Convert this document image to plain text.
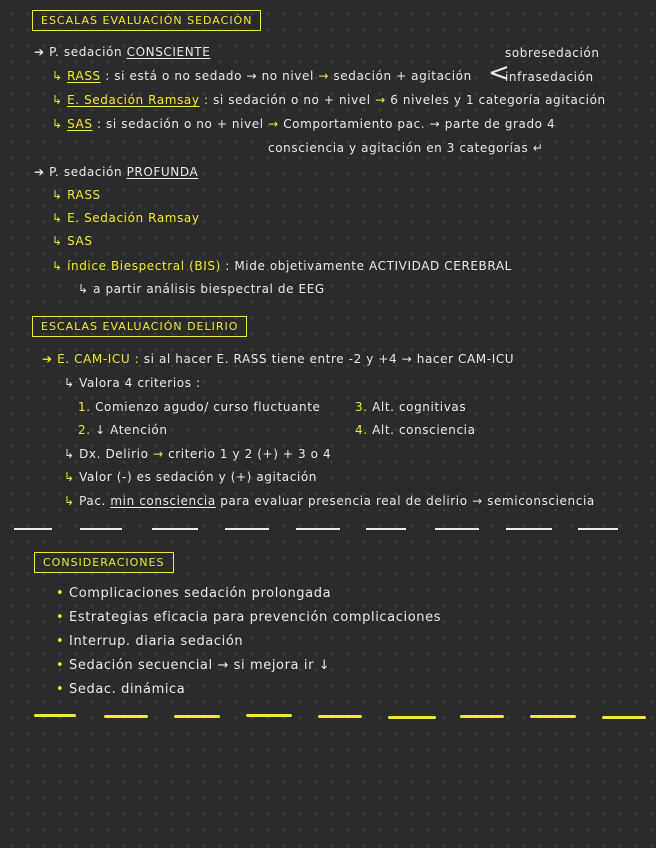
ESCALAS EVALUACIÓN SEDACIÓN
➔ P. sedación CONSCIENTE	sobresedación
↳ RASS : si está o no sedado → no nivel → sedación + agitación <
infrasedación
↳ E. Sedación Ramsay : si sedación o no + nivel → 6 niveles y 1 categoría agitación
↳ SAS : si sedación o no + nivel → Comportamiento pac. → parte de grado 4
consciencia y agitación en 3 categorías ↵
➔ P. sedación PROFUNDA
↳ RASS
↳ E. Sedación Ramsay
↳ SAS
↳ índice Biespectral (BIS) : Mide objetivamente ACTIVIDAD CEREBRAL
↳ a partir análisis biespectral de EEG
ESCALAS EVALUACIÓN DELIRIO
➔ E. CAM-ICU : si al hacer E. RASS tiene entre -2 y +4 → hacer CAM-ICU
↳ Valora 4 criterios :
1. Comienzo agudo/ curso fluctuante	3. Alt. cognitivas
2. ↓ Atención	4. Alt. consciencia
↳ Dx. Delirio → criterio 1 y 2 (+) + 3 o 4
↳ Valor (-) es sedación y (+) agitación
↳ Pac. min consciencia para evaluar presencia real de delirio → semiconsciencia
CONSIDERACIONES
• Complicaciones sedación prolongada
• Estrategias eficacia para prevención complicaciones
• Interrup. diaria sedación
• Sedación secuencial → si mejora ir ↓
• Sedac. dinámica
